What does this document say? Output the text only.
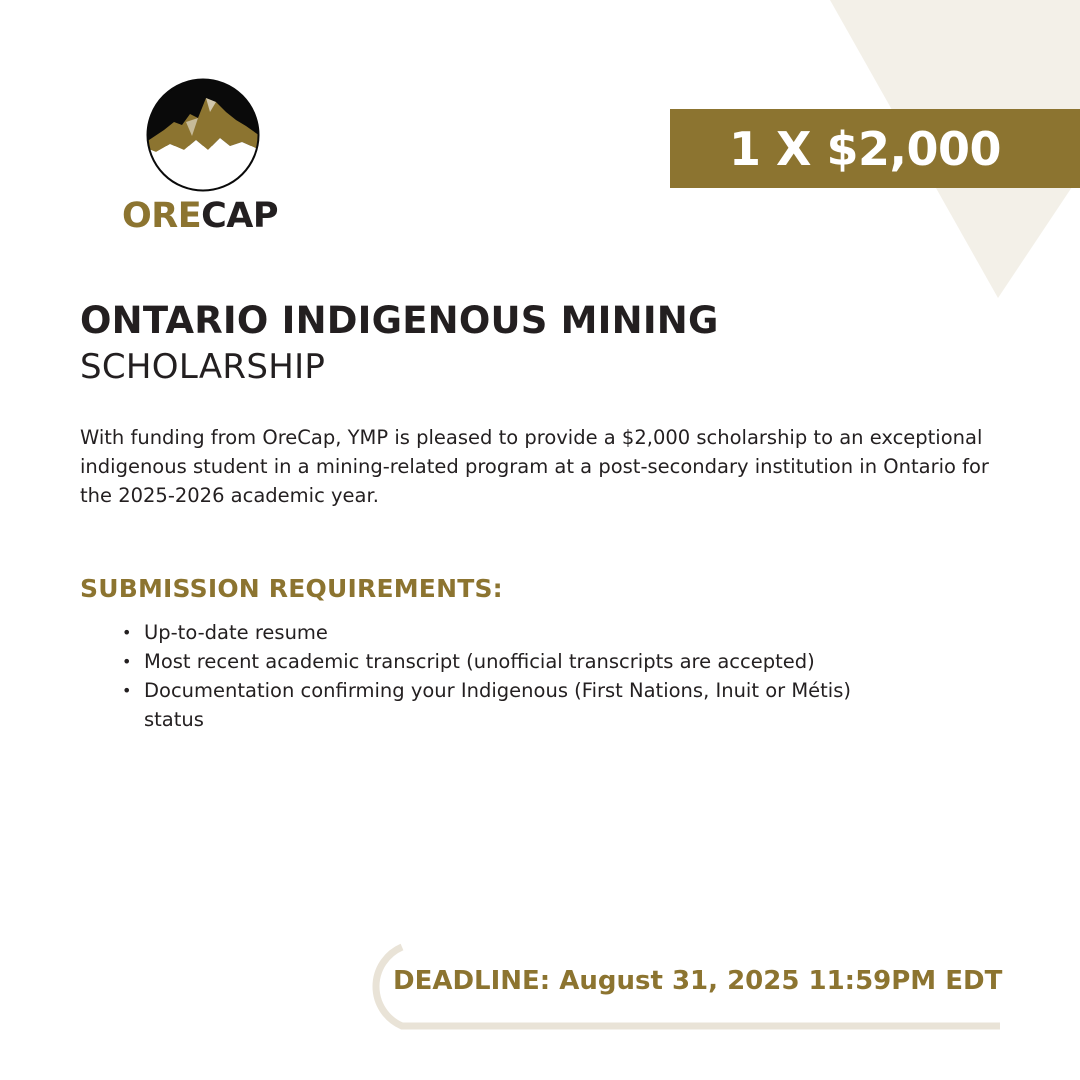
ORECAP
1 X $2,000
ONTARIO INDIGENOUS MINING
SCHOLARSHIP

With funding from OreCap, YMP is pleased to provide a $2,000 scholarship to an exceptional indigenous student in a mining-related program at a post-secondary institution in Ontario for the 2025-2026 academic year.

SUBMISSION REQUIREMENTS:
• Up-to-date resume
• Most recent academic transcript (unofficial transcripts are accepted)
• Documentation confirming your Indigenous (First Nations, Inuit or Métis) status
DEADLINE: August 31, 2025 11:59PM EDT
